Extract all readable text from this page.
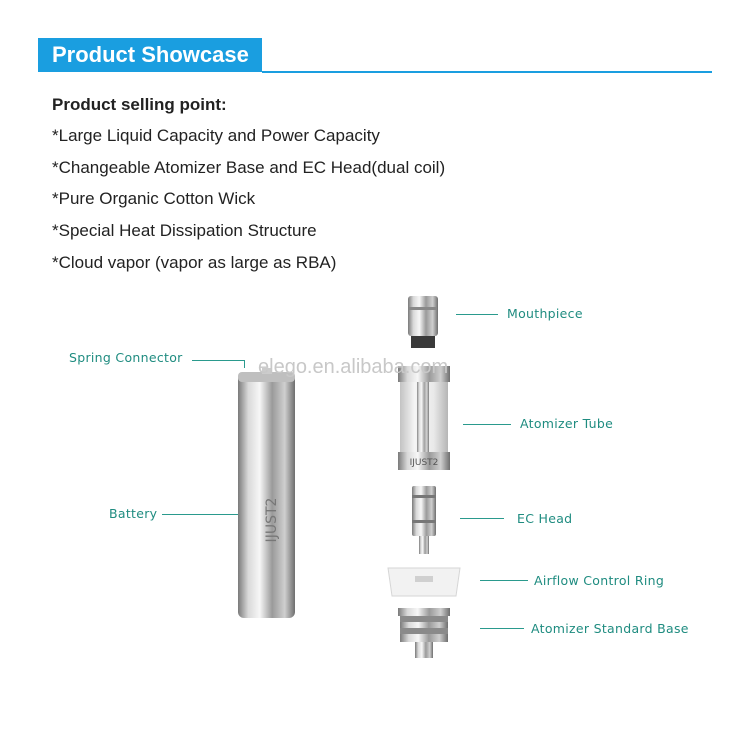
Product Showcase
Product selling point:
*Large Liquid Capacity and Power Capacity
*Changeable Atomizer Base and EC Head(dual coil)
*Pure Organic Cotton Wick
*Special Heat Dissipation Structure
*Cloud vapor (vapor as large as RBA)
IJUST2
IJUST2
elego.en.alibaba.com
Spring Connector
Battery
Mouthpiece
Atomizer Tube
EC Head
Airflow Control Ring
Atomizer Standard Base
